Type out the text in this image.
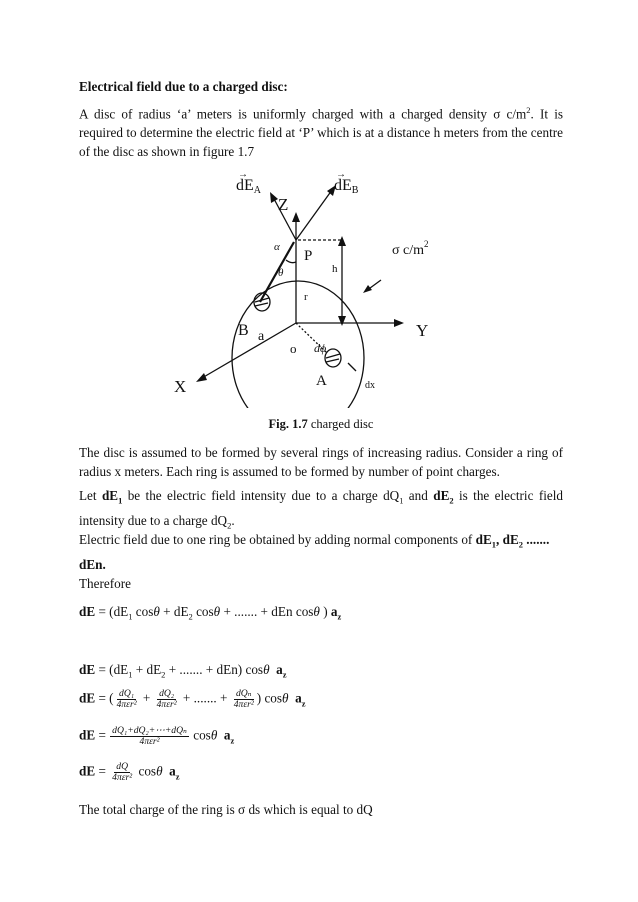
Electrical field due to a charged disc:
A disc of radius ‘a’ meters is uniformly charged with a charged density σ $c/m^2$. It is required to determine the electric field at ‘P’ which is at a distance h meters from the centre of the disc as shown in figure 1.7
dEA
→
dEB
→
Z
P
h
r
α
θ
σ $c/m^2$
B a
o dϕ
A
X
Y
dx
Fig. 1.7 charged disc
The disc is assumed to be formed by several rings of increasing radius. Consider a ring of radius x meters. Each ring is assumed to be formed by number of point charges.
Let $dE_1$ be the electric field intensity due to a charge $dQ_1$ and $dE_2$ is the electric field intensity due to a charge $dQ_2$.
Electric field due to one ring be obtained by adding normal components of $dE_1$, $dE_2$ .......
dEn.
Therefore
dE = ($dE_1$ $\cos\theta + dE_2$ cosθ + ....... + dEn cosθ ) $a_z$
dE = ($dE_1 + dE_2$ + ....... + dEn) cosθ $a_z$
dE = ( $\frac{\text{dQ₁}}{\text{4πεr²}} + \frac{\text{dQ₂}}{\text{4πεr²}}$ + ....... + $\frac{\text{dQₙ}}{\text{4πεr²}}$ ) cosθ $a_z$
dE = $\frac{\text{dQ₁+dQ₂+⋯+dQₙ}}{\text{4πεr²}}$ cosθ $a_z$
dE = $\frac{dQ}{\text{4πεr²}}$ cosθ $a_z$
The total charge of the ring is σ ds which is equal to dQ
